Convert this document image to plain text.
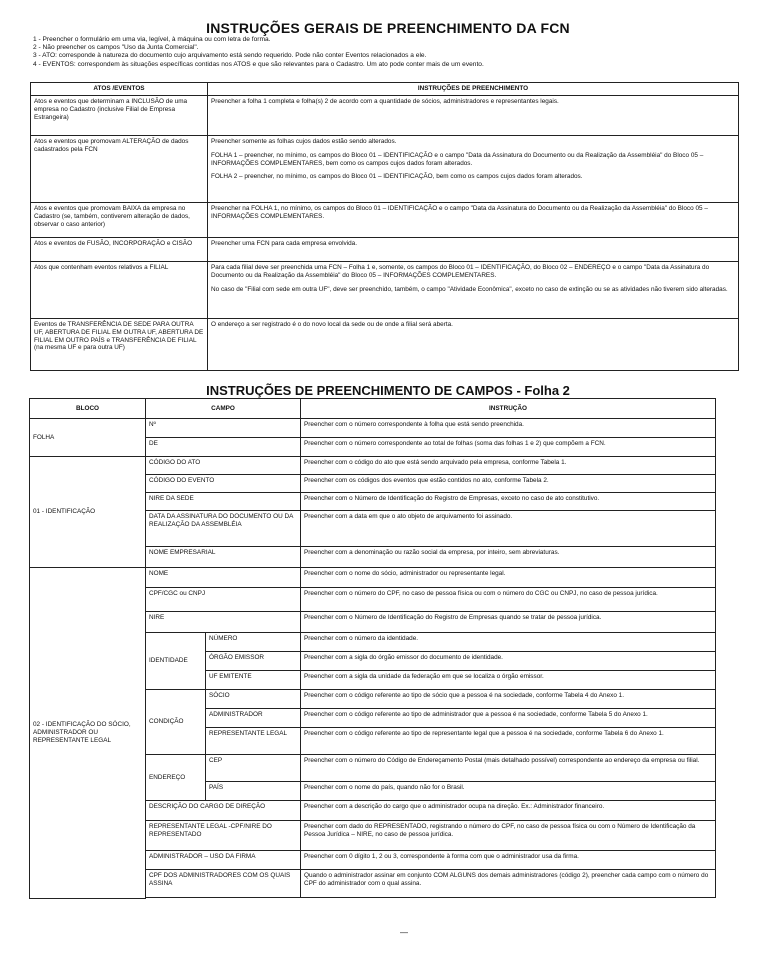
INSTRUÇÕES GERAIS DE PREENCHIMENTO DA FCN
1 - Preencher o formulário em uma via, legível, à máquina ou com letra de forma.
2 - Não preencher os campos "Uso da Junta Comercial".
3 - ATO: corresponde à natureza do documento cujo arquivamento está sendo requerido. Pode não conter Eventos relacionados a ele.
4 - EVENTOS: correspondem às situações específicas contidas nos ATOS e que são relevantes para o Cadastro. Um ato pode conter mais de um evento.
ATOS /EVENTOS	INSTRUÇÕES DE PREENCHIMENTO
Atos e eventos que determinam a INCLUSÃO de uma empresa no Cadastro (inclusive Filial de Empresa Estrangeira)	Preencher a folha 1 completa e folha(s) 2 de acordo com a quantidade de sócios, administradores e representantes legais.

Atos e eventos que promovam ALTERAÇÃO de dados cadastrados pela FCN	Preencher somente as folhas cujos dados estão sendo alterados.
FOLHA 1 – preencher, no mínimo, os campos do Bloco 01 – IDENTIFICAÇÃO e o campo "Data da Assinatura do Documento ou da Realização da Assembléia" do Bloco 05 – INFORMAÇÕES COMPLEMENTARES, bem como os campos cujos dados foram alterados.
FOLHA 2 – preencher, no mínimo, os campos do Bloco 01 – IDENTIFICAÇÃO, bem como os campos cujos dados foram alterados.

Atos e eventos que promovam BAIXA da empresa no Cadastro (se, também, contiverem alteração de dados, observar o caso anterior)	Preencher na FOLHA 1, no mínimo, os campos do Bloco 01 – IDENTIFICAÇÃO e o campo "Data da Assinatura do Documento ou da Realização da Assembléia" do Bloco 05 – INFORMAÇÕES COMPLEMENTARES.

Atos e eventos de FUSÃO, INCORPORAÇÃO e CISÃO	Preencher uma FCN para cada empresa envolvida.

Atos que contenham eventos relativos a FILIAL	Para cada filial deve ser preenchida uma FCN – Folha 1 e, somente, os campos do Bloco 01 – IDENTIFICAÇÃO, do Bloco 02 – ENDEREÇO e o campo "Data da Assinatura do Documento ou da Realização da Assembléia" do Bloco 05 – INFORMAÇÕES COMPLEMENTARES.
No caso de "Filial com sede em outra UF", deve ser preenchido, também, o campo "Atividade Econômica", exceto no caso de extinção ou se as atividades não tiverem sido alteradas.

Eventos de TRANSFERÊNCIA DE SEDE PARA OUTRA UF, ABERTURA DE FILIAL EM OUTRA UF, ABERTURA DE FILIAL EM OUTRO PAÍS e TRANSFERÊNCIA DE FILIAL (na mesma UF e para outra UF)	O endereço a ser registrado é o do novo local da sede ou de onde a filial será aberta.
INSTRUÇÕES DE PREENCHIMENTO DE CAMPOS - Folha 2
BLOCO	CAMPO		INSTRUÇÃO
FOLHA	Nº		Preencher com o número correspondente à folha que está sendo preenchida.
	DE		Preencher com o número correspondente ao total de folhas (soma das folhas 1 e 2) que compõem a FCN.
01 - IDENTIFICAÇÃO	CÓDIGO DO ATO		Preencher com o código do ato que está sendo arquivado pela empresa, conforme Tabela 1.
	CÓDIGO DO EVENTO		Preencher com os códigos dos eventos que estão contidos no ato, conforme Tabela 2.
	NIRE DA SEDE		Preencher com o Número de Identificação do Registro de Empresas, exceto no caso de ato constitutivo.
	DATA DA ASSINATURA DO DOCUMENTO OU DA REALIZAÇÃO DA ASSEMBLÉIA		Preencher com a data em que o ato objeto de arquivamento foi assinado.
	NOME EMPRESARIAL		Preencher com a denominação ou razão social da empresa, por inteiro, sem abreviaturas.
02 - IDENTIFICAÇÃO DO SÓCIO, ADMINISTRADOR OU REPRESENTANTE LEGAL	NOME		Preencher com o nome do sócio, administrador ou representante legal.
	CPF/CGC ou CNPJ		Preencher com o número do CPF, no caso de pessoa física ou com o número do CGC ou CNPJ, no caso de pessoa jurídica.
	NIRE		Preencher com o Número de Identificação do Registro de Empresas quando se tratar de pessoa jurídica.
	IDENTIDADE	NÚMERO	Preencher com o número da identidade.
		ÓRGÃO EMISSOR	Preencher com a sigla do órgão emissor do documento de identidade.
		UF EMITENTE	Preencher com a sigla da unidade da federação em que se localiza o órgão emissor.
	CONDIÇÃO	SÓCIO	Preencher com o código referente ao tipo de sócio que a pessoa é na sociedade, conforme Tabela 4 do Anexo 1.
		ADMINISTRADOR	Preencher com o código referente ao tipo de administrador que a pessoa é na sociedade, conforme Tabela 5 do Anexo 1.
		REPRESENTANTE LEGAL	Preencher com o código referente ao tipo de representante legal que a pessoa é na sociedade, conforme Tabela 6 do Anexo 1.
	ENDEREÇO	CEP	Preencher com o número do Código de Endereçamento Postal (mais detalhado possível) correspondente ao endereço da empresa ou filial.
		PAÍS	Preencher com o nome do país, quando não for o Brasil.
	DESCRIÇÃO DO CARGO DE DIREÇÃO		Preencher com a descrição do cargo que o administrador ocupa na direção. Ex.: Administrador financeiro.
	REPRESENTANTE LEGAL -CPF/NIRE DO REPRESENTADO		Preencher com dado do REPRESENTADO, registrando o número do CPF, no caso de pessoa física ou com o Número de Identificação da Pessoa Jurídica – NIRE, no caso de pessoa jurídica.
	ADMINISTRADOR – USO DA FIRMA		Preencher com 0 dígito 1, 2 ou 3, correspondente à forma com que o administrador usa da firma.
	CPF DOS ADMINISTRADORES COM OS QUAIS ASSINA		Quando o administrador assinar em conjunto COM ALGUNS dos demais administradores (código 2), preencher cada campo com o número do CPF do administrador com o qual assina.

—
